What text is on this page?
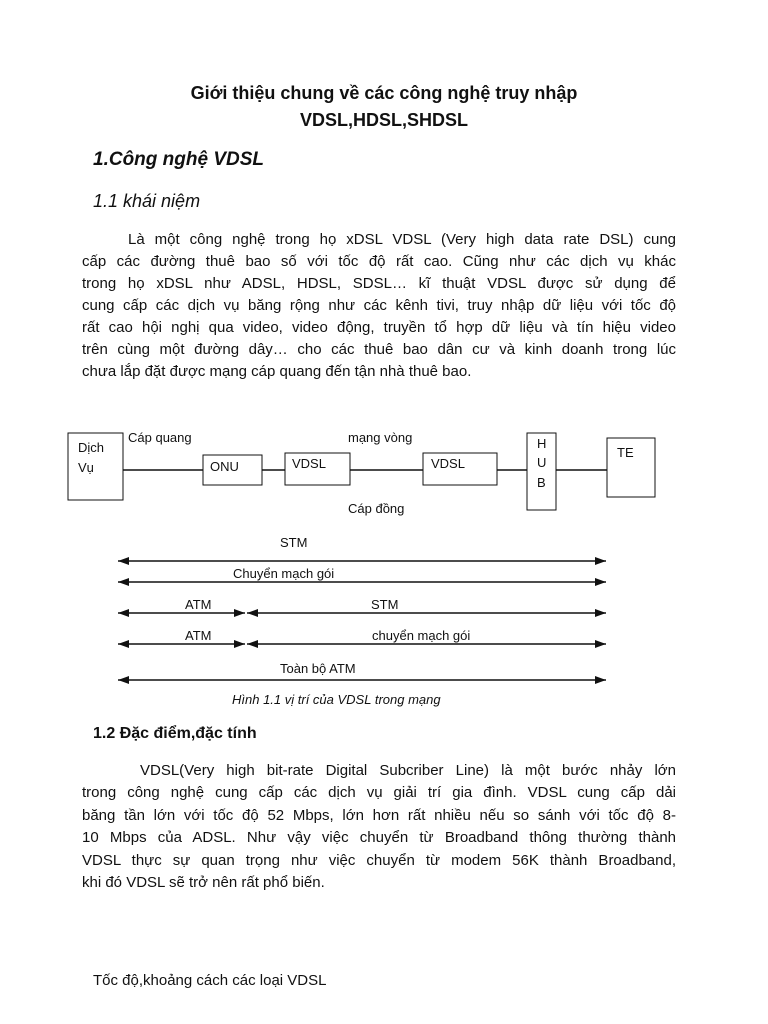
Giới thiệu chung về các công nghệ truy nhập
VDSL,HDSL,SHDSL
1.Công nghệ VDSL
1.1 khái niệm
Là một công nghệ trong họ xDSL VDSL (Very high data rate DSL) cung
cấp các đường thuê bao số với tốc độ rất cao. Cũng như các dịch vụ khác
trong họ xDSL như ADSL, HDSL, SDSL… kĩ thuật VDSL được sử dụng để
cung cấp các dịch vụ băng rộng như các kênh tivi, truy nhập dữ liệu với tốc độ
rất cao hội nghị qua video, video động, truyền tổ hợp dữ liệu và tín hiệu video
trên cùng một đường dây… cho các thuê bao dân cư và kinh doanh trong lúc
chưa lắp đặt được mạng cáp quang đến tận nhà thuê bao.
Dịch
Vụ
Cáp quang
ONU	VDSL
mạng vòng
VDSL
H
U
B
TE
Cáp đồng
STM
Chuyển mạch gói
ATM	STM
ATM	chuyển mạch gói
Toàn bộ ATM
Hình 1.1 vị trí của VDSL trong mạng
1.2 Đặc điểm,đặc tính
VDSL(Very high bit-rate Digital Subcriber Line) là một bước nhảy lớn
trong công nghệ cung cấp các dịch vụ giải trí gia đình. VDSL cung cấp dải
băng tần lớn với tốc độ 52 Mbps, lớn hơn rất nhiều nếu so sánh với tốc độ 8-
10 Mbps của ADSL. Như vậy việc chuyển từ Broadband thông thường thành
VDSL thực sự quan trọng như việc chuyển từ modem 56K thành Broadband,
khi đó VDSL sẽ trở nên rất phổ biến.
Tốc độ,khoảng cách các loại VDSL
